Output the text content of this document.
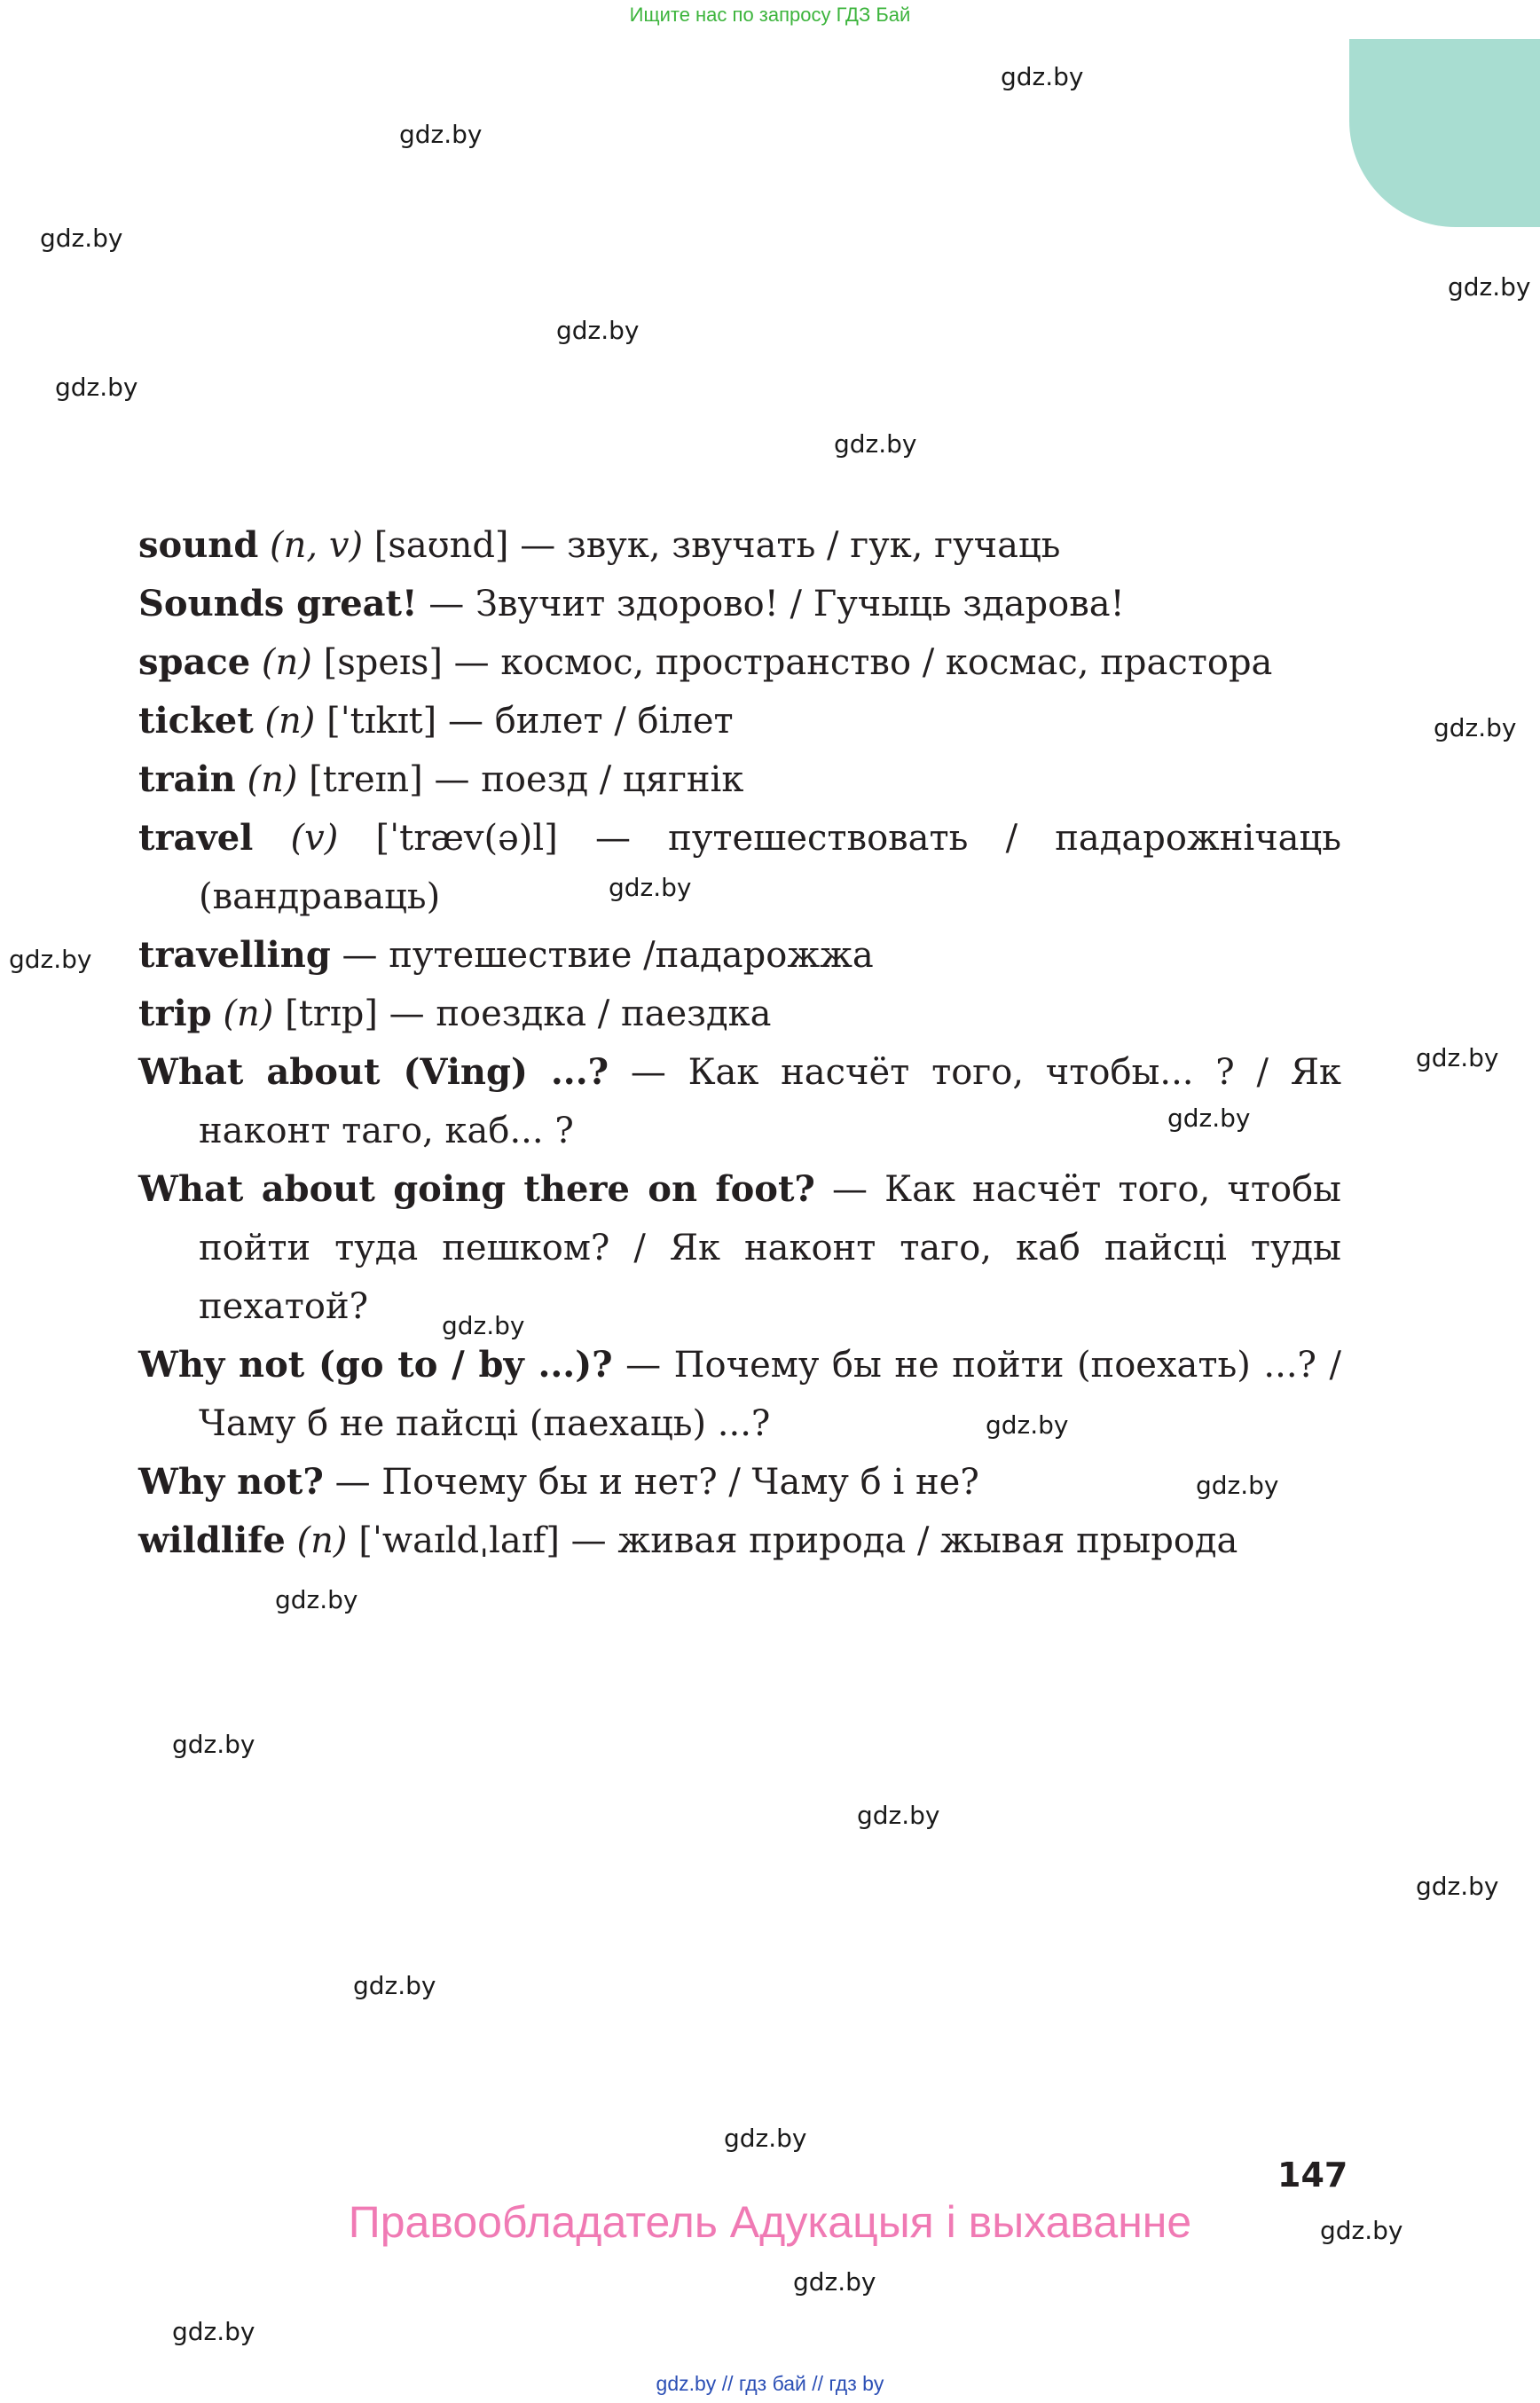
Ищите нас по запросу ГДЗ Бай
gdz.by
gdz.by
gdz.by
gdz.by
gdz.by
gdz.by
gdz.by
gdz.by
gdz.by
gdz.by
gdz.by
gdz.by
gdz.by
gdz.by
gdz.by
gdz.by
gdz.by
gdz.by
gdz.by
gdz.by
gdz.by
gdz.by
gdz.by
gdz.by
sound (n, v) [saʊnd] — звук, звучать / гук, гучаць
Sounds great! — Звучит здорово! / Гучыць здарова!
space (n) [speɪs] — космос, пространство / космас, прастора
ticket (n) [ˈtɪkɪt] — билет / білет
train (n) [treɪn] — поезд / цягнік
travel (v) [ˈtræv(ə)l] — путешествовать / падарожнічаць (вандраваць)
travelling — путешествие /падарожжа
trip (n) [trɪp] — поездка / паездка
What about (Ving) ...? — Как насчёт того, чтобы... ? / Як наконт таго, каб... ?
What about going there on foot? — Как насчёт того, чтобы пойти туда пешком? / Як наконт таго, каб пайсці туды пехатой?
Why not (go to / by ...)? — Почему бы не пойти (поехать) ...? / Чаму б не пайсці (паехаць) ...?
Why not? — Почему бы и нет? / Чаму б і не?
wildlife (n) [ˈwaɪldˌlaɪf] — живая природа / жывая прырода
147
Правообладатель Адукацыя і выхаванне
gdz.by // гдз бай // гдз by
